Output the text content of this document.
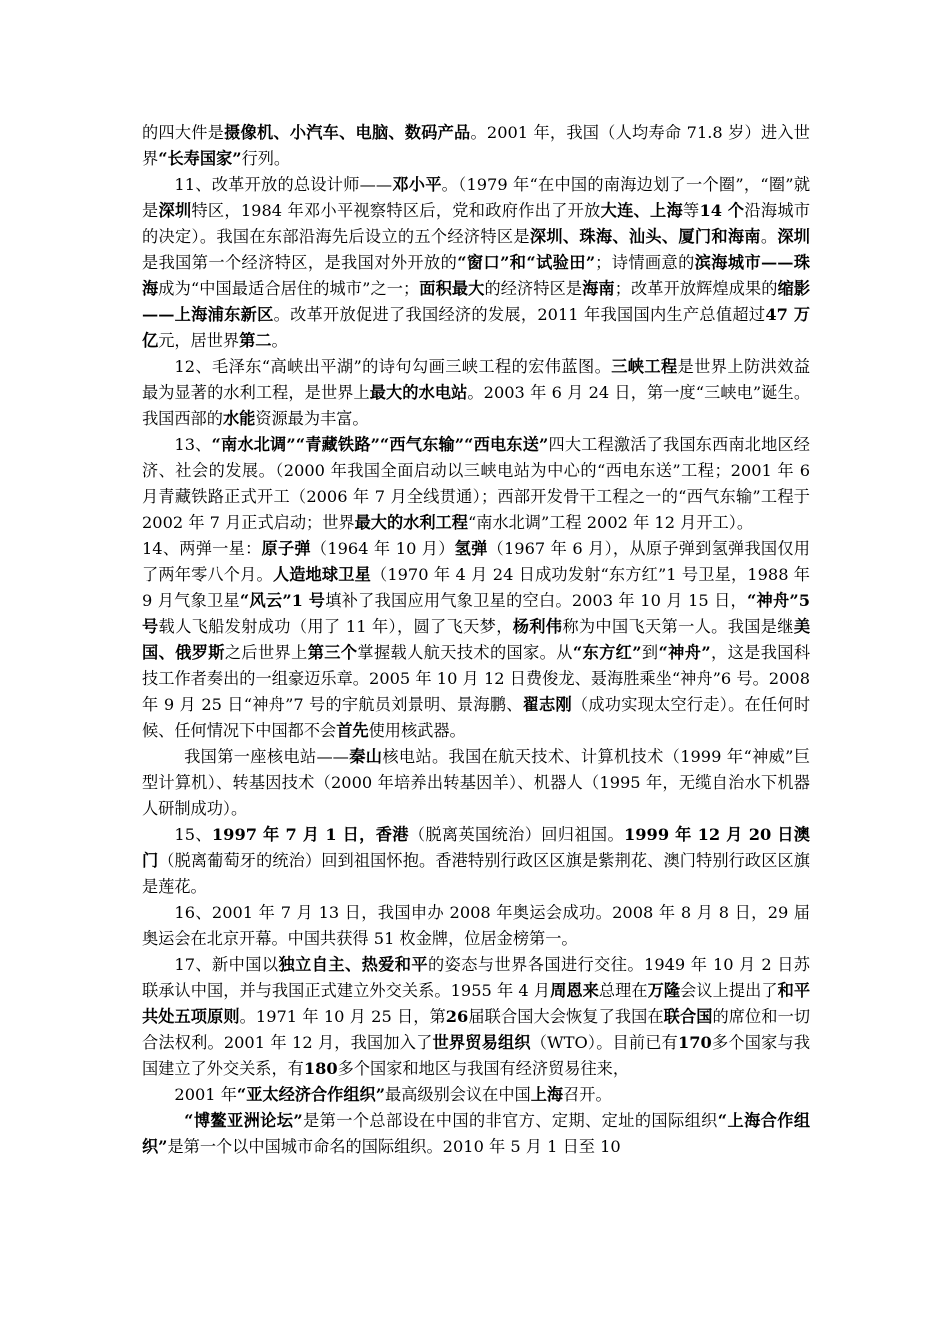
的四大件是摄像机、小汽车、电脑、数码产品。2001 年，我国（人均寿命 71.8 岁）进入世界“长寿国家”行列。

11、改革开放的总设计师——邓小平。（1979 年“在中国的南海边划了一个圈”，“圈”就是深圳特区，1984 年邓小平视察特区后，党和政府作出了开放大连、上海等14 个沿海城市的决定）。我国在东部沿海先后设立的五个经济特区是深圳、珠海、汕头、厦门和海南。深圳是我国第一个经济特区，是我国对外开放的“窗口”和“试验田”；诗情画意的滨海城市——珠海成为“中国最适合居住的城市”之一；面积最大的经济特区是海南；改革开放辉煌成果的缩影——上海浦东新区。改革开放促进了我国经济的发展，2011 年我国国内生产总值超过47 万亿元，居世界第二。

12、毛泽东“高峡出平湖”的诗句勾画三峡工程的宏伟蓝图。三峡工程是世界上防洪效益最为显著的水利工程，是世界上最大的水电站。2003 年 6 月 24 日，第一度“三峡电”诞生。我国西部的水能资源最为丰富。

13、“南水北调”“青藏铁路”“西气东输”“西电东送”四大工程激活了我国东西南北地区经济、社会的发展。（2000 年我国全面启动以三峡电站为中心的“西电东送”工程；2001 年 6 月青藏铁路正式开工（2006 年 7 月全线贯通）；西部开发骨干工程之一的“西气东输”工程于 2002 年 7 月正式启动；世界最大的水利工程“南水北调”工程 2002 年 12 月开工）。

14、两弹一星：原子弹（1964 年 10 月）氢弹（1967 年 6 月），从原子弹到氢弹我国仅用了两年零八个月。人造地球卫星（1970 年 4 月 24 日成功发射“东方红”1 号卫星，1988 年 9 月气象卫星“风云”1 号填补了我国应用气象卫星的空白。2003 年 10 月 15 日，“神舟”5 号载人飞船发射成功（用了 11 年），圆了飞天梦，杨利伟称为中国飞天第一人。我国是继美国、俄罗斯之后世界上第三个掌握载人航天技术的国家。从“东方红”到“神舟”，这是我国科技工作者奏出的一组豪迈乐章。2005 年 10 月 12 日费俊龙、聂海胜乘坐“神舟”6 号。2008 年 9 月 25 日“神舟”7 号的宇航员刘景明、景海鹏、翟志刚（成功实现太空行走）。在任何时候、任何情况下中国都不会首先使用核武器。

我国第一座核电站——秦山核电站。我国在航天技术、计算机技术（1999 年“神威”巨型计算机）、转基因技术（2000 年培养出转基因羊）、机器人（1995 年，无缆自治水下机器人研制成功）。

15、1997 年 7 月 1 日，香港（脱离英国统治）回归祖国。1999 年 12 月 20 日澳门（脱离葡萄牙的统治）回到祖国怀抱。香港特别行政区区旗是紫荆花、澳门特别行政区区旗是莲花。

16、2001 年 7 月 13 日，我国申办 2008 年奥运会成功。2008 年 8 月 8 日，29 届奥运会在北京开幕。中国共获得 51 枚金牌，位居金榜第一。

17、新中国以独立自主、热爱和平的姿态与世界各国进行交往。1949 年 10 月 2 日苏联承认中国，并与我国正式建立外交关系。1955 年 4 月周恩来总理在万隆会议上提出了和平共处五项原则。1971 年 10 月 25 日，第26届联合国大会恢复了我国在联合国的席位和一切合法权利。2001 年 12 月，我国加入了世界贸易组织（WTO）。目前已有170多个国家与我国建立了外交关系，有180多个国家和地区与我国有经济贸易往来，

2001 年“亚太经济合作组织”最高级别会议在中国上海召开。

“博鳌亚洲论坛”是第一个总部设在中国的非官方、定期、定址的国际组织“上海合作组织”是第一个以中国城市命名的国际组织。2010 年 5 月 1 日至 10
